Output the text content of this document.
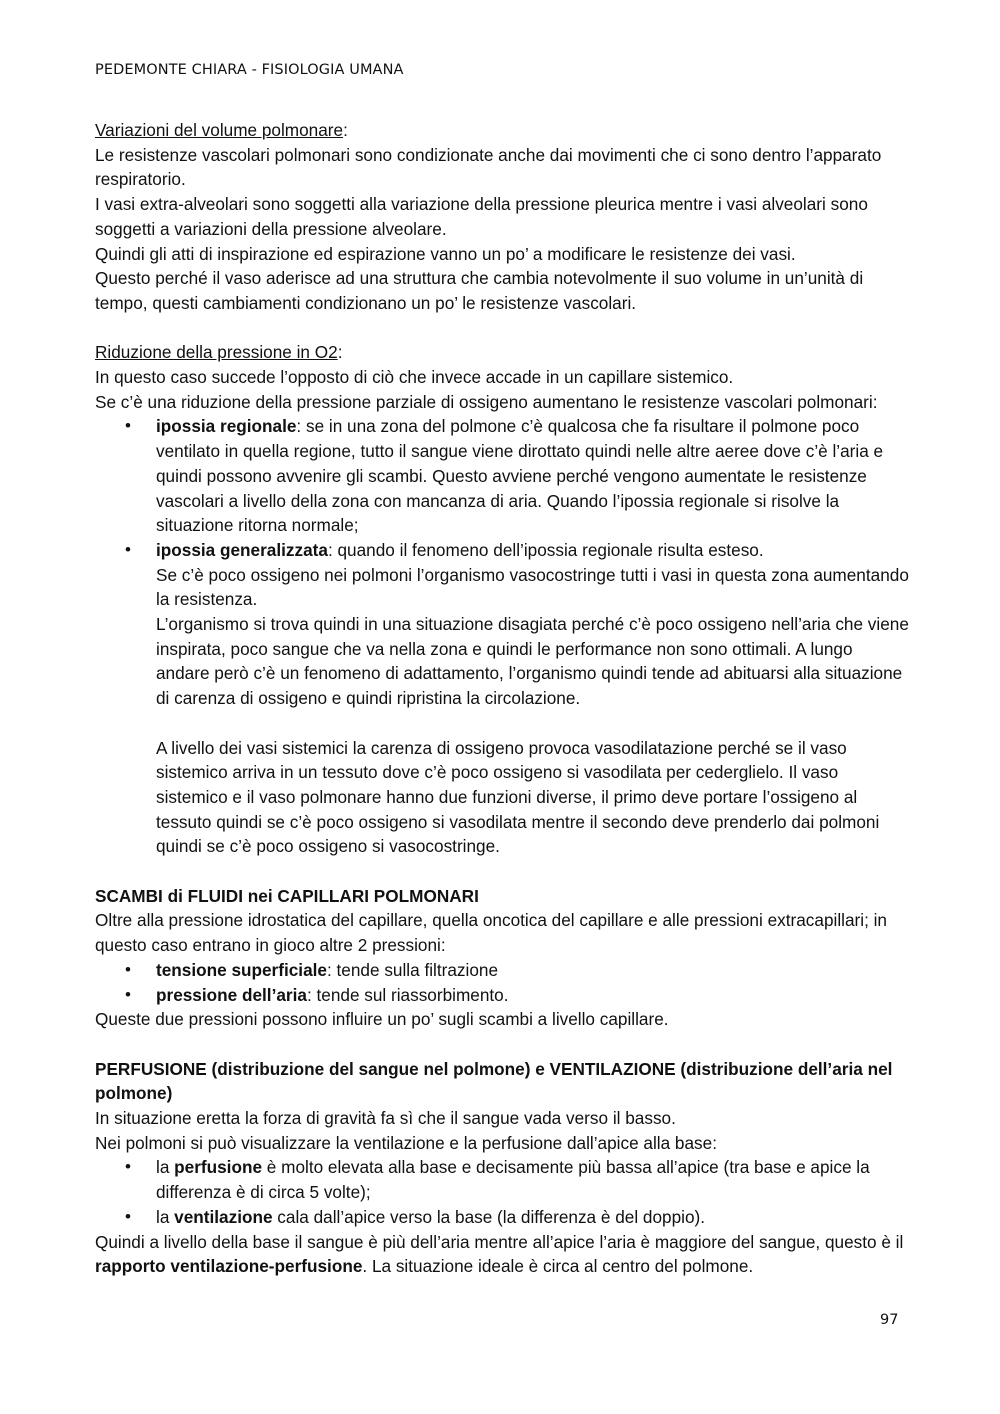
PEDEMONTE CHIARA - FISIOLOGIA UMANA

Variazioni del volume polmonare:

Le resistenze vascolari polmonari sono condizionate anche dai movimenti che ci sono dentro l’apparato respiratorio.

I vasi extra-alveolari sono soggetti alla variazione della pressione pleurica mentre i vasi alveolari sono soggetti a variazioni della pressione alveolare.

Quindi gli atti di inspirazione ed espirazione vanno un po’ a modificare le resistenze dei vasi.

Questo perché il vaso aderisce ad una struttura che cambia notevolmente il suo volume in un’unità di tempo, questi cambiamenti condizionano un po’ le resistenze vascolari.

Riduzione della pressione in O2:

In questo caso succede l’opposto di ciò che invece accade in un capillare sistemico.

Se c’è una riduzione della pressione parziale di ossigeno aumentano le resistenze vascolari polmonari:

• ipossia regionale: se in una zona del polmone c’è qualcosa che fa risultare il polmone poco ventilato in quella regione, tutto il sangue viene dirottato quindi nelle altre aeree dove c’è l’aria e quindi possono avvenire gli scambi. Questo avviene perché vengono aumentate le resistenze vascolari a livello della zona con mancanza di aria. Quando l’ipossia regionale si risolve la situazione ritorna normale;
• ipossia generalizzata: quando il fenomeno dell’ipossia regionale risulta esteso.

Se c’è poco ossigeno nei polmoni l’organismo vasocostringe tutti i vasi in questa zona aumentando la resistenza.

L’organismo si trova quindi in una situazione disagiata perché c’è poco ossigeno nell’aria che viene inspirata, poco sangue che va nella zona e quindi le performance non sono ottimali. A lungo andare però c’è un fenomeno di adattamento, l’organismo quindi tende ad abituarsi alla situazione di carenza di ossigeno e quindi ripristina la circolazione.

A livello dei vasi sistemici la carenza di ossigeno provoca vasodilatazione perché se il vaso sistemico arriva in un tessuto dove c’è poco ossigeno si vasodilata per cederglielo. Il vaso sistemico e il vaso polmonare hanno due funzioni diverse, il primo deve portare l’ossigeno al tessuto quindi se c’è poco ossigeno si vasodilata mentre il secondo deve prenderlo dai polmoni quindi se c’è poco ossigeno si vasocostringe.

SCAMBI di FLUIDI nei CAPILLARI POLMONARI

Oltre alla pressione idrostatica del capillare, quella oncotica del capillare e alle pressioni extracapillari; in questo caso entrano in gioco altre 2 pressioni:

• tensione superficiale: tende sulla filtrazione
• pressione dell’aria: tende sul riassorbimento.

Queste due pressioni possono influire un po’ sugli scambi a livello capillare.

PERFUSIONE (distribuzione del sangue nel polmone) e VENTILAZIONE (distribuzione dell’aria nel polmone)

In situazione eretta la forza di gravità fa sì che il sangue vada verso il basso.

Nei polmoni si può visualizzare la ventilazione e la perfusione dall’apice alla base:

• la perfusione è molto elevata alla base e decisamente più bassa all’apice (tra base e apice la differenza è di circa 5 volte);
• la ventilazione cala dall’apice verso la base (la differenza è del doppio).

Quindi a livello della base il sangue è più dell’aria mentre all’apice l’aria è maggiore del sangue, questo è il rapporto ventilazione-perfusione. La situazione ideale è circa al centro del polmone.

97
